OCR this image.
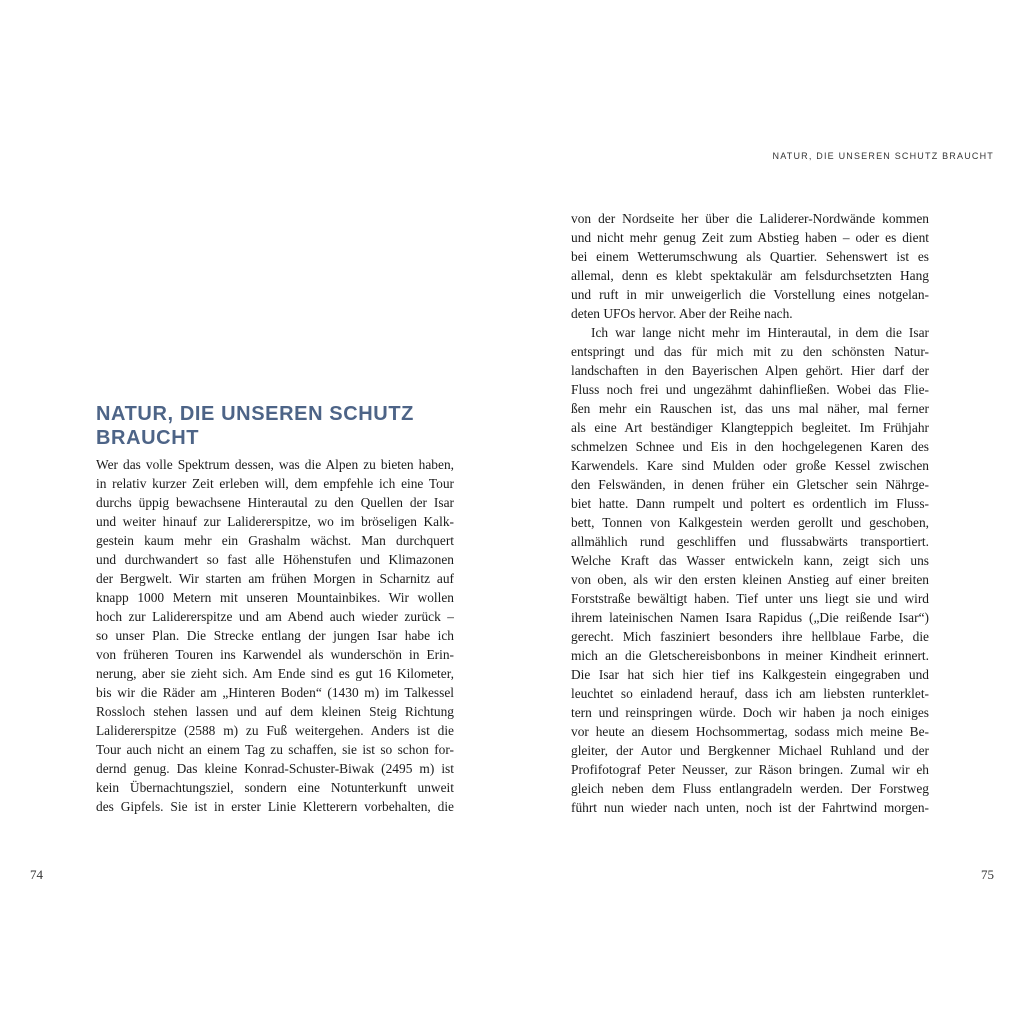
NATUR, DIE UNSEREN SCHUTZ BRAUCHT
NATUR, DIE UNSEREN SCHUTZ
BRAUCHT
Wer das volle Spektrum dessen, was die Alpen zu bieten haben,
in relativ kurzer Zeit erleben will, dem empfehle ich eine Tour
durchs üppig bewachsene Hinterautal zu den Quellen der Isar
und weiter hinauf zur Lalidererspitze, wo im bröseligen Kalk-
gestein kaum mehr ein Grashalm wächst. Man durchquert
und durchwandert so fast alle Höhenstufen und Klimazonen
der Bergwelt. Wir starten am frühen Morgen in Scharnitz auf
knapp 1000 Metern mit unseren Mountainbikes. Wir wollen
hoch zur Lalidererspitze und am Abend auch wieder zurück –
so unser Plan. Die Strecke entlang der jungen Isar habe ich
von früheren Touren ins Karwendel als wunderschön in Erin-
nerung, aber sie zieht sich. Am Ende sind es gut 16 Kilometer,
bis wir die Räder am „Hinteren Boden“ (1430 m) im Talkessel
Rossloch stehen lassen und auf dem kleinen Steig Richtung
Lalidererspitze (2588 m) zu Fuß weitergehen. Anders ist die
Tour auch nicht an einem Tag zu schaffen, sie ist so schon for-
dernd genug. Das kleine Konrad-Schuster-Biwak (2495 m) ist
kein Übernachtungsziel, sondern eine Notunterkunft unweit
des Gipfels. Sie ist in erster Linie Kletterern vorbehalten, die
von der Nordseite her über die Laliderer-Nordwände kommen
und nicht mehr genug Zeit zum Abstieg haben – oder es dient
bei einem Wetterumschwung als Quartier. Sehenswert ist es
allemal, denn es klebt spektakulär am felsdurchsetzten Hang
und ruft in mir unweigerlich die Vorstellung eines notgelan-
deten UFOs hervor. Aber der Reihe nach.
Ich war lange nicht mehr im Hinterautal, in dem die Isar
entspringt und das für mich mit zu den schönsten Natur-
landschaften in den Bayerischen Alpen gehört. Hier darf der
Fluss noch frei und ungezähmt dahinfließen. Wobei das Flie-
ßen mehr ein Rauschen ist, das uns mal näher, mal ferner
als eine Art beständiger Klangteppich begleitet. Im Frühjahr
schmelzen Schnee und Eis in den hochgelegenen Karen des
Karwendels. Kare sind Mulden oder große Kessel zwischen
den Felswänden, in denen früher ein Gletscher sein Nährge-
biet hatte. Dann rumpelt und poltert es ordentlich im Fluss-
bett, Tonnen von Kalkgestein werden gerollt und geschoben,
allmählich rund geschliffen und flussabwärts transportiert.
Welche Kraft das Wasser entwickeln kann, zeigt sich uns
von oben, als wir den ersten kleinen Anstieg auf einer breiten
Forststraße bewältigt haben. Tief unter uns liegt sie und wird
ihrem lateinischen Namen Isara Rapidus („Die reißende Isar“)
gerecht. Mich fasziniert besonders ihre hellblaue Farbe, die
mich an die Gletschereisbonbons in meiner Kindheit erinnert.
Die Isar hat sich hier tief ins Kalkgestein eingegraben und
leuchtet so einladend herauf, dass ich am liebsten runterklet-
tern und reinspringen würde. Doch wir haben ja noch einiges
vor heute an diesem Hochsommertag, sodass mich meine Be-
gleiter, der Autor und Bergkenner Michael Ruhland und der
Profifotograf Peter Neusser, zur Räson bringen. Zumal wir eh
gleich neben dem Fluss entlangradeln werden. Der Forstweg
führt nun wieder nach unten, noch ist der Fahrtwind morgen-
74	75
